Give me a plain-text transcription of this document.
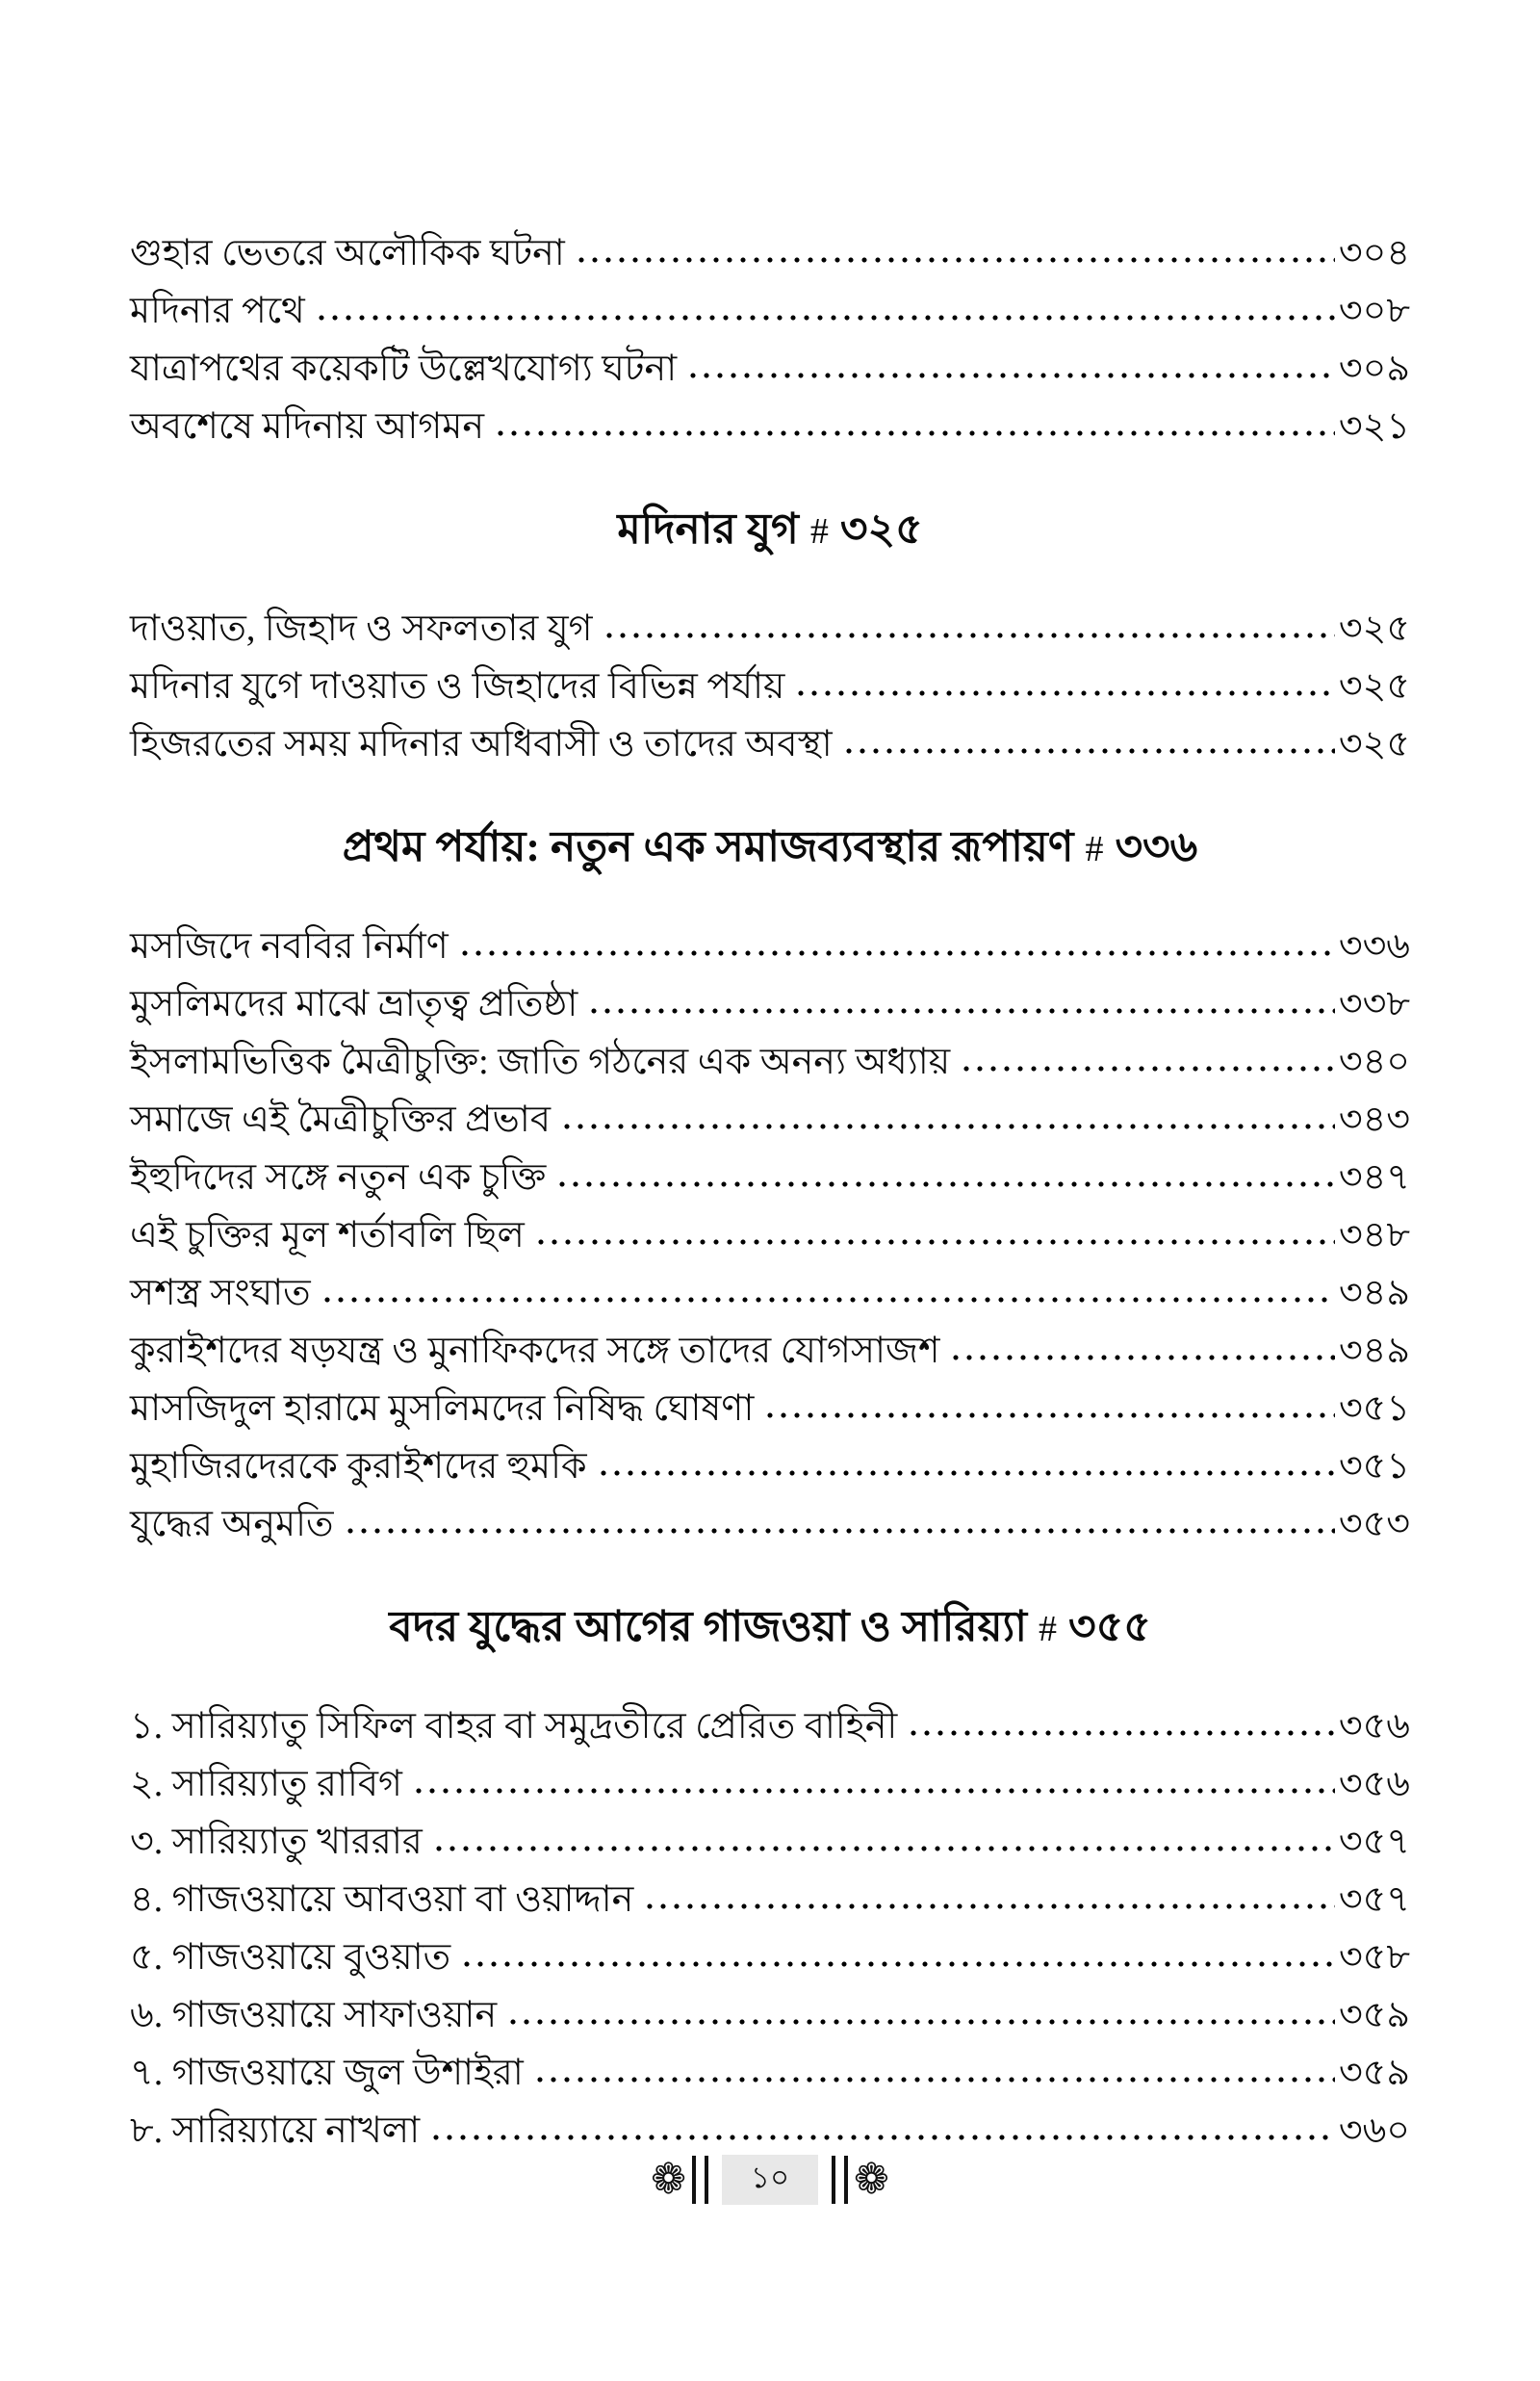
গুহার ভেতরে অলৌকিক ঘটনা	৩০৪
মদিনার পথে	৩০৮
যাত্রাপথের কয়েকটি উল্লেখযোগ্য ঘটনা	৩০৯
অবশেষে মদিনায় আগমন	৩২১
মদিনার যুগ # ৩২৫
দাওয়াত, জিহাদ ও সফলতার যুগ	৩২৫
মদিনার যুগে দাওয়াত ও জিহাদের বিভিন্ন পর্যায়	৩২৫
হিজরতের সময় মদিনার অধিবাসী ও তাদের অবস্থা	৩২৫
প্রথম পর্যায়: নতুন এক সমাজব্যবস্থার রূপায়ণ # ৩৩৬
মসজিদে নববির নির্মাণ	৩৩৬
মুসলিমদের মাঝে ভ্রাতৃত্ব প্রতিষ্ঠা	৩৩৮
ইসলামভিত্তিক মৈত্রীচুক্তি: জাতি গঠনের এক অনন্য অধ্যায়	৩৪০
সমাজে এই মৈত্রীচুক্তির প্রভাব	৩৪৩
ইহুদিদের সঙ্গে নতুন এক চুক্তি	৩৪৭
এই চুক্তির মূল শর্তাবলি ছিল	৩৪৮
সশস্ত্র সংঘাত	৩৪৯
কুরাইশদের ষড়যন্ত্র ও মুনাফিকদের সঙ্গে তাদের যোগসাজশ	৩৪৯
মাসজিদুল হারামে মুসলিমদের নিষিদ্ধ ঘোষণা	৩৫১
মুহাজিরদেরকে কুরাইশদের হুমকি	৩৫১
যুদ্ধের অনুমতি	৩৫৩
বদর যুদ্ধের আগের গাজওয়া ও সারিয়্যা # ৩৫৫
১. সারিয়্যাতু সিফিল বাহর বা সমুদ্রতীরে প্রেরিত বাহিনী	৩৫৬
২. সারিয়্যাতু রাবিগ	৩৫৬
৩. সারিয়্যাতু খাররার	৩৫৭
৪. গাজওয়ায়ে আবওয়া বা ওয়াদ্দান	৩৫৭
৫. গাজওয়ায়ে বুওয়াত	৩৫৮
৬. গাজওয়ায়ে সাফাওয়ান	৩৫৯
৭. গাজওয়ায়ে জুল উশাইরা	৩৫৯
৮. সারিয়্যায়ে নাখলা	৩৬০
❁	১০	❁
